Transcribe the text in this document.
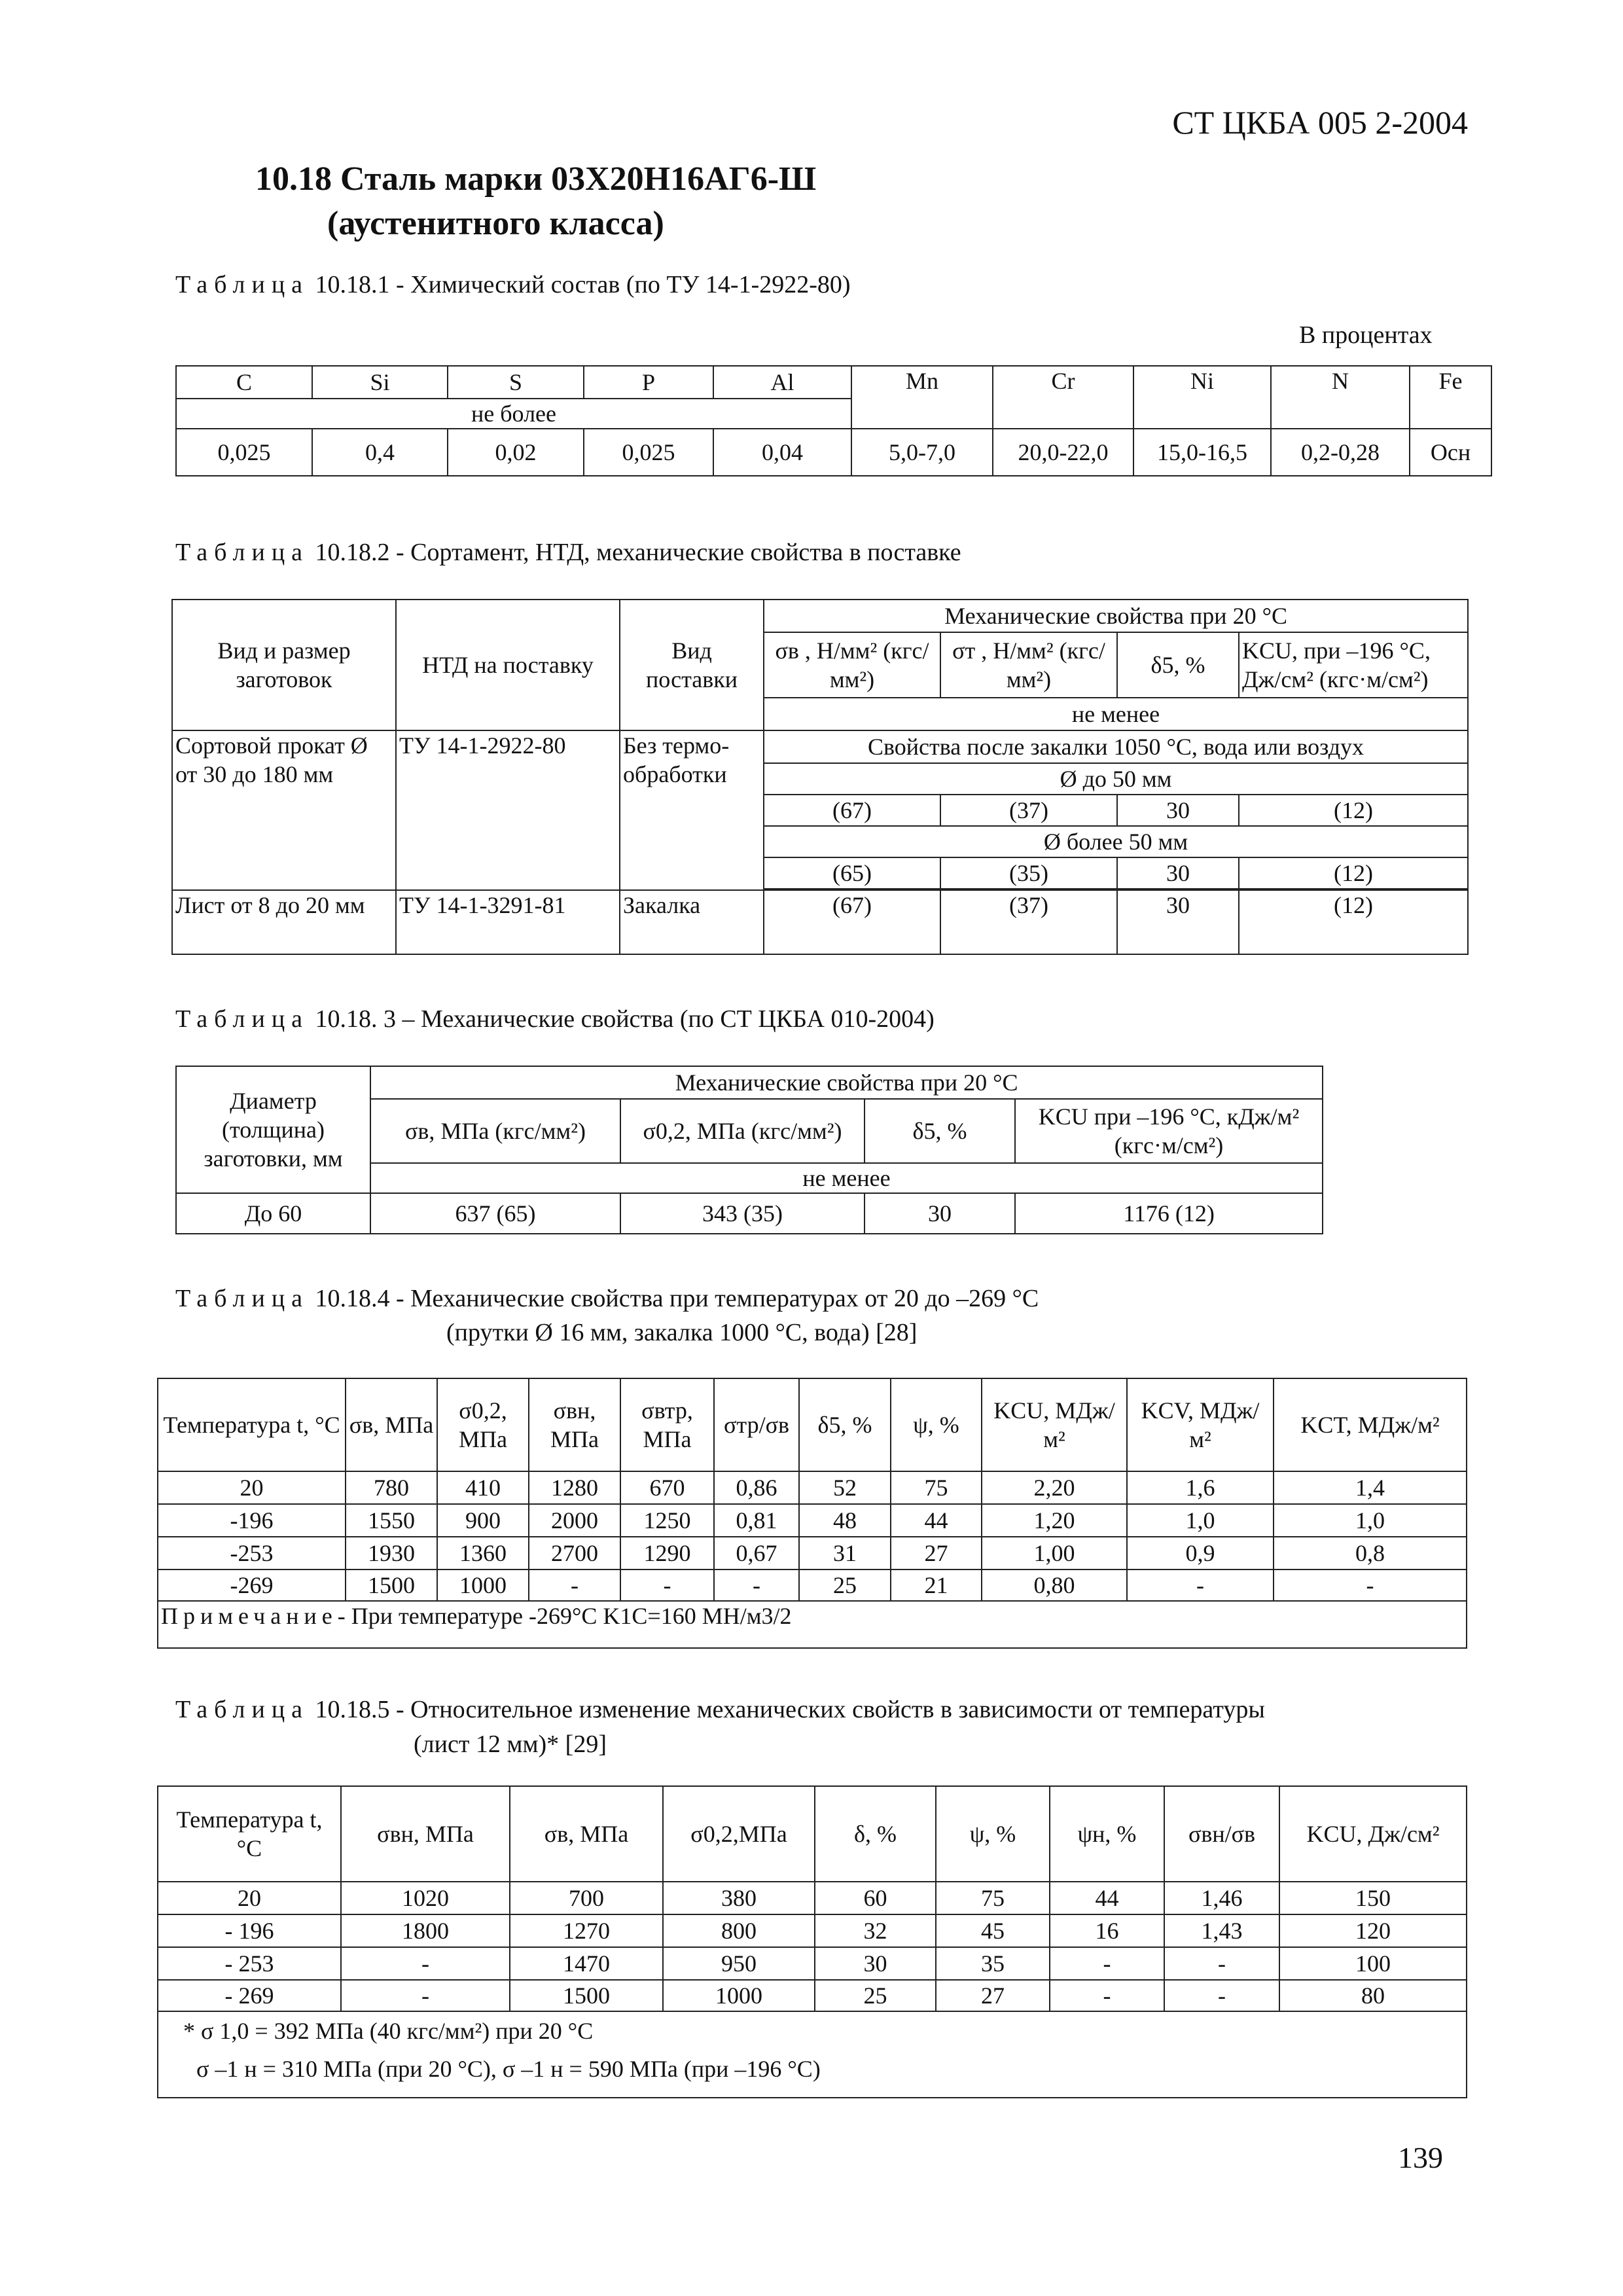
СТ ЦКБА 005 2-2004
10.18 Сталь марки 03Х20Н16АГ6-Ш
(аустенитного класса)
Таблица 10.18.1 - Химический состав (по ТУ 14-1-2922-80)
В процентах
C	Si	S	P	Al	Mn	Cr	Ni	N	Fe
не более									
0,025	0,4	0,02	0,025	0,04	5,0-7,0	20,0-22,0	15,0-16,5	0,2-0,28	Осн
Таблица 10.18.2 - Сортамент, НТД, механические свойства в поставке
Вид и размер заготовок	НТД на поставку	Вид поставки	Механические свойства при 20 °С			
			σв , Н/мм² (кгс/мм²)	σт , Н/мм² (кгс/мм²)	δ5, %	KCU, при –196 °С, Дж/см² (кгс·м/см²)
			не менее			
Сортовой прокат Ø от 30 до 180 мм	ТУ 14-1-2922-80	Без термо-обработки	Свойства после закалки 1050 °С, вода или воздух			
			Ø до 50 мм			
			(67)	(37)	30	(12)
			Ø более 50 мм			
			(65)	(35)	30	(12)

Лист от 8 до 20 мм	ТУ 14-1-3291-81	Закалка	(67)	(37)	30	(12)
Таблица 10.18. 3 – Механические свойства (по СТ ЦКБА 010-2004)
Диаметр (толщина) заготовки, мм	Механические свойства при 20 °С			
	σв, МПа (кгс/мм²)	σ0,2, МПа (кгс/мм²)	δ5, %	KCU при –196 °С, кДж/м² (кгс·м/см²)
	не менее			
До 60	637 (65)	343 (35)	30	1176 (12)
Таблица 10.18.4 - Механические свойства при температурах от 20 до –269 °С
(прутки Ø 16 мм, закалка 1000 °С, вода) [28]
Температура t, °С	σв, МПа	σ0,2, МПа	σвн, МПа	σвтр, МПа	σтр/σв	δ5, %	ψ, %	KCU, МДж/м²	KCV, МДж/м²	KCT, МДж/м²
20	780	410	1280	670	0,86	52	75	2,20	1,6	1,4
-196	1550	900	2000	1250	0,81	48	44	1,20	1,0	1,0
-253	1930	1360	2700	1290	0,67	31	27	1,00	0,9	0,8
-269	1500	1000	-	-	-	25	21	0,80	-	-
Примечание- При температуре -269°С K1C=160 МН/м3/2										
Таблица 10.18.5 - Относительное изменение механических свойств в зависимости от температуры
(лист 12 мм)* [29]
Температура t, °С	σвн, МПа	σв, МПа	σ0,2,МПа	δ, %	ψ, %	ψн, %	σвн/σв	KCU, Дж/см²
20	1020	700	380	60	75	44	1,46	150
- 196	1800	1270	800	32	45	16	1,43	120
- 253	-	1470	950	30	35	-	-	100
- 269	-	1500	1000	25	27	-	-	80

* σ 1,0 = 392 МПа (40 кгс/мм²) при 20 °С
σ –1 н = 310 МПа (при 20 °С), σ –1 н = 590 МПа (при –196 °С)								
139
